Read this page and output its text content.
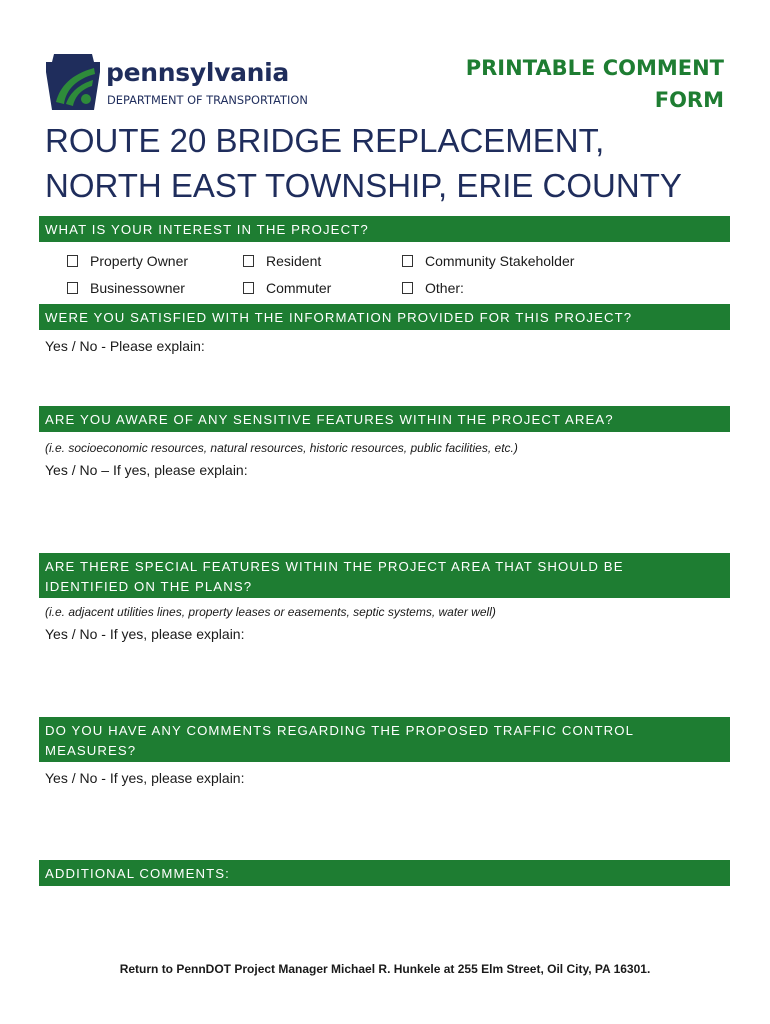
pennsylvania
DEPARTMENT OF TRANSPORTATION
PRINTABLE COMMENT
FORM
ROUTE 20 BRIDGE REPLACEMENT,
NORTH EAST TOWNSHIP, ERIE COUNTY
WHAT IS YOUR INTEREST IN THE PROJECT?
Property Owner	Resident	Community Stakeholder
Businessowner	Commuter	Other:
WERE YOU SATISFIED WITH THE INFORMATION PROVIDED FOR THIS PROJECT?
Yes / No - Please explain:
ARE YOU AWARE OF ANY SENSITIVE FEATURES WITHIN THE PROJECT AREA?
(i.e. socioeconomic resources, natural resources, historic resources, public facilities, etc.)
Yes / No – If yes, please explain:
ARE THERE SPECIAL FEATURES WITHIN THE PROJECT AREA THAT SHOULD BE
IDENTIFIED ON THE PLANS?
(i.e. adjacent utilities lines, property leases or easements, septic systems, water well)
Yes / No - If yes, please explain:
DO YOU HAVE ANY COMMENTS REGARDING THE PROPOSED TRAFFIC CONTROL
MEASURES?
Yes / No - If yes, please explain:
ADDITIONAL COMMENTS:
Return to PennDOT Project Manager Michael R. Hunkele at 255 Elm Street, Oil City, PA 16301.
